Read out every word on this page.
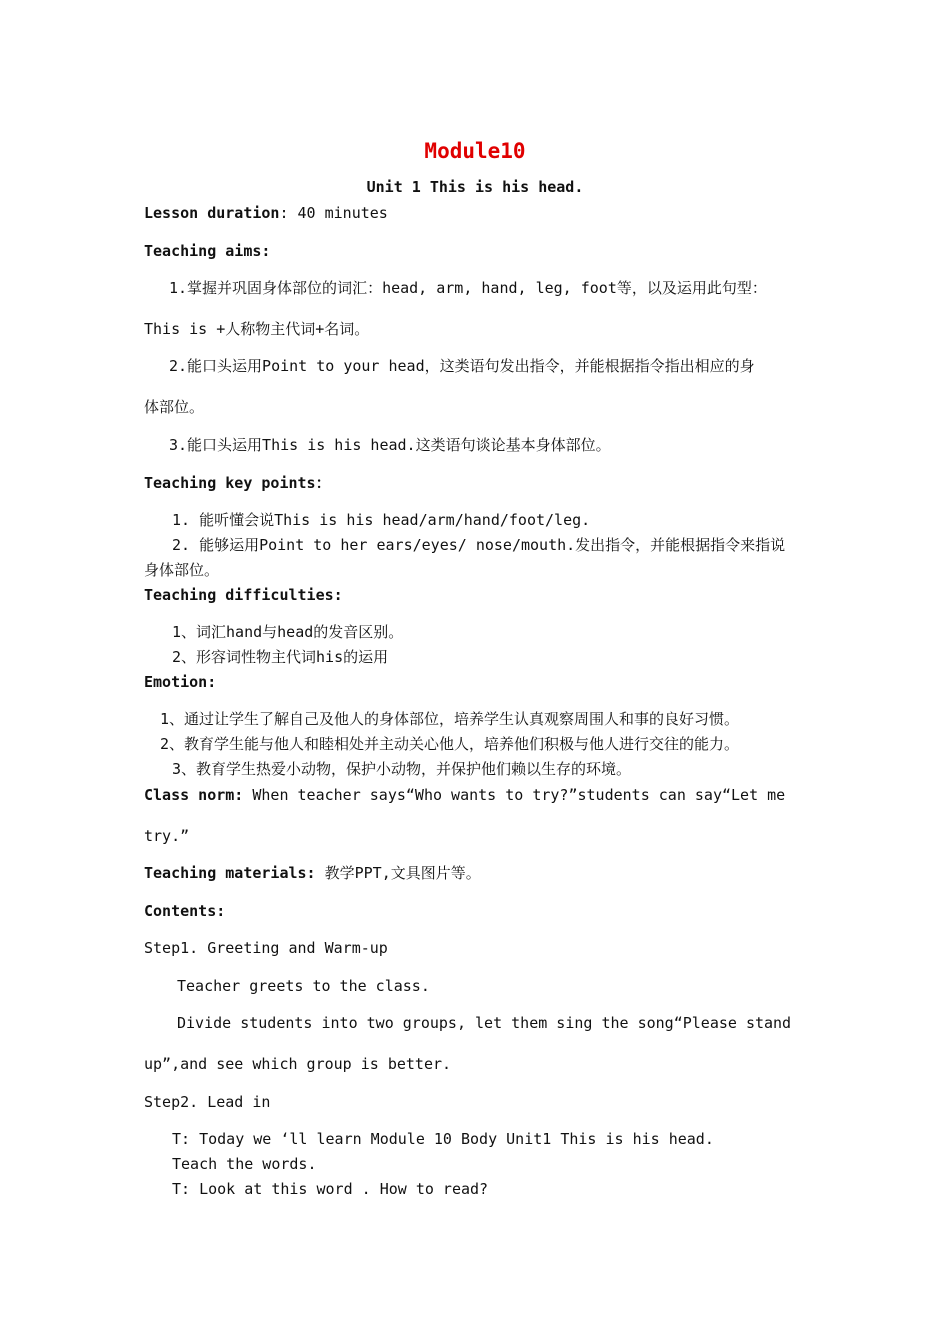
Module10
Unit 1 This is his head.
Lesson duration: 40 minutes
Teaching aims:
1.掌握并巩固身体部位的词汇：head, arm, hand, leg, foot等，以及运用此句型：
This is +人称物主代词+名词。
2.能口头运用Point to your head，这类语句发出指令，并能根据指令指出相应的身
体部位。
3.能口头运用This is his head.这类语句谈论基本身体部位。
Teaching key points：
1. 能听懂会说This is his head/arm/hand/foot/leg.
2. 能够运用Point to her ears/eyes/ nose/mouth.发出指令，并能根据指令来指说
身体部位。
Teaching difficulties:
1、词汇hand与head的发音区别。
2、形容词性物主代词his的运用
Emotion:
1、通过让学生了解自己及他人的身体部位，培养学生认真观察周围人和事的良好习惯。
2、教育学生能与他人和睦相处并主动关心他人，培养他们积极与他人进行交往的能力。
3、教育学生热爱小动物，保护小动物，并保护他们赖以生存的环境。
Class norm: When teacher says“Who wants to try?”students can say“Let me
try.”
Teaching materials: 教学PPT,文具图片等。
Contents:
Step1. Greeting and Warm-up
Teacher greets to the class.
Divide students into two groups, let them sing the song“Please stand
up”,and see which group is better.
Step2. Lead in
T: Today we ‘ll learn Module 10 Body Unit1 This is his head.
Teach the words.
T: Look at this word . How to read?
